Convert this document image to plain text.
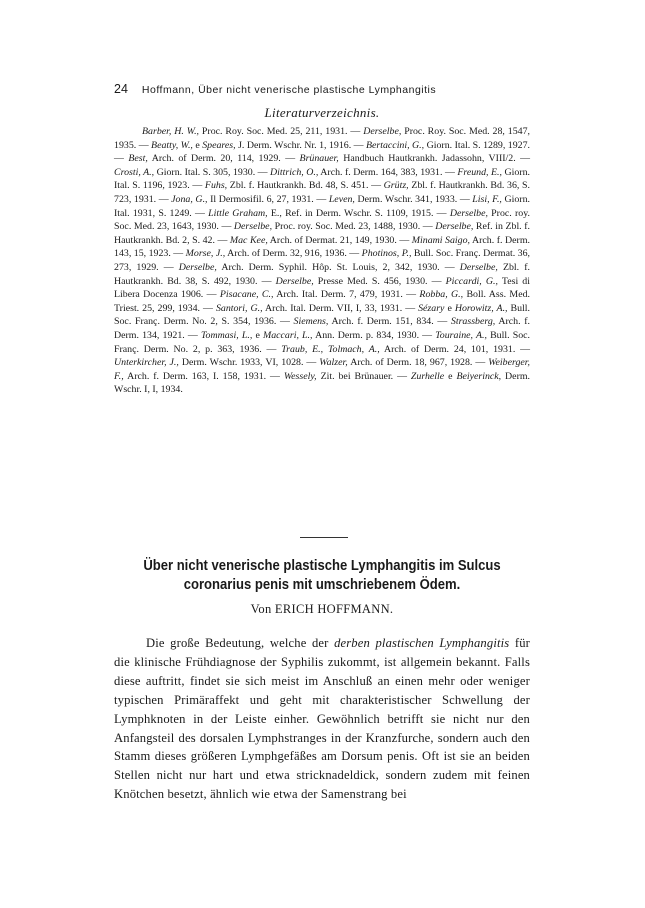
24 Hoffmann, Über nicht venerische plastische Lymphangitis
Literaturverzeichnis.
Barber, H. W., Proc. Roy. Soc. Med. 25, 211, 1931. — Derselbe, Proc. Roy. Soc. Med. 28, 1547, 1935. — Beatty, W., e Speares, J. Derm. Wschr. Nr. 1, 1916. — Bertaccini, G., Giorn. Ital. S. 1289, 1927. — Best, Arch. of Derm. 20, 114, 1929. — Brünauer, Handbuch Hautkrankh. Jadassohn, VIII/2. — Crosti, A., Giorn. Ital. S. 305, 1930. — Dittrich, O., Arch. f. Derm. 164, 383, 1931. — Freund, E., Giorn. Ital. S. 1196, 1923. — Fuhs, Zbl. f. Hautkrankh. Bd. 48, S. 451. — Grütz, Zbl. f. Hautkrankh. Bd. 36, S. 723, 1931. — Jona, G., Il Dermosifil. 6, 27, 1931. — Leven, Derm. Wschr. 341, 1933. — Lisi, F., Giorn. Ital. 1931, S. 1249. — Little Graham, E., Ref. in Derm. Wschr. S. 1109, 1915. — Derselbe, Proc. roy. Soc. Med. 23, 1643, 1930. — Derselbe, Proc. roy. Soc. Med. 23, 1488, 1930. — Derselbe, Ref. in Zbl. f. Hautkrankh. Bd. 2, S. 42. — Mac Kee, Arch. of Dermat. 21, 149, 1930. — Minami Saigo, Arch. f. Derm. 143, 15, 1923. — Morse, J., Arch. of Derm. 32, 916, 1936. — Photinos, P., Bull. Soc. Franç. Dermat. 36, 273, 1929. — Derselbe, Arch. Derm. Syphil. Hôp. St. Louis, 2, 342, 1930. — Derselbe, Zbl. f. Hautkrankh. Bd. 38, S. 492, 1930. — Derselbe, Presse Med. S. 456, 1930. — Piccardi, G., Tesi di Libera Docenza 1906. — Pisacane, C., Arch. Ital. Derm. 7, 479, 1931. — Robba, G., Boll. Ass. Med. Triest. 25, 299, 1934. — Santori, G., Arch. Ital. Derm. VII, I, 33, 1931. — Sézary e Horowitz, A., Bull. Soc. Franç. Derm. No. 2, S. 354, 1936. — Siemens, Arch. f. Derm. 151, 834. — Strassberg, Arch. f. Derm. 134, 1921. — Tommasi, L., e Maccari, L., Ann. Derm. p. 834, 1930. — Touraine, A., Bull. Soc. Franç. Derm. No. 2, p. 363, 1936. — Traub, E., Tolmach, A., Arch. of Derm. 24, 101, 1931. — Unterkircher, J., Derm. Wschr. 1933, VI, 1028. — Walzer, Arch. of Derm. 18, 967, 1928. — Weiberger, F., Arch. f. Derm. 163, I. 158, 1931. — Wessely, Zit. bei Brünauer. — Zurhelle e Beiyerinck, Derm. Wschr. I, I, 1934.
Über nicht venerische plastische Lymphangitis im Sulcus
coronarius penis mit umschriebenem Ödem.
Von ERICH HOFFMANN.
Die große Bedeutung, welche der derben plastischen Lymphangitis für die klinische Frühdiagnose der Syphilis zukommt, ist allgemein bekannt. Falls diese auftritt, findet sie sich meist im Anschluß an einen mehr oder weniger typischen Primäraffekt und geht mit charakteristischer Schwellung der Lymphknoten in der Leiste einher. Gewöhnlich betrifft sie nicht nur den Anfangsteil des dorsalen Lymphstranges in der Kranzfurche, sondern auch den Stamm dieses größeren Lymphgefäßes am Dorsum penis. Oft ist sie an beiden Stellen nicht nur hart und etwa stricknadeldick, sondern zudem mit feinen Knötchen besetzt, ähnlich wie etwa der Samenstrang bei
